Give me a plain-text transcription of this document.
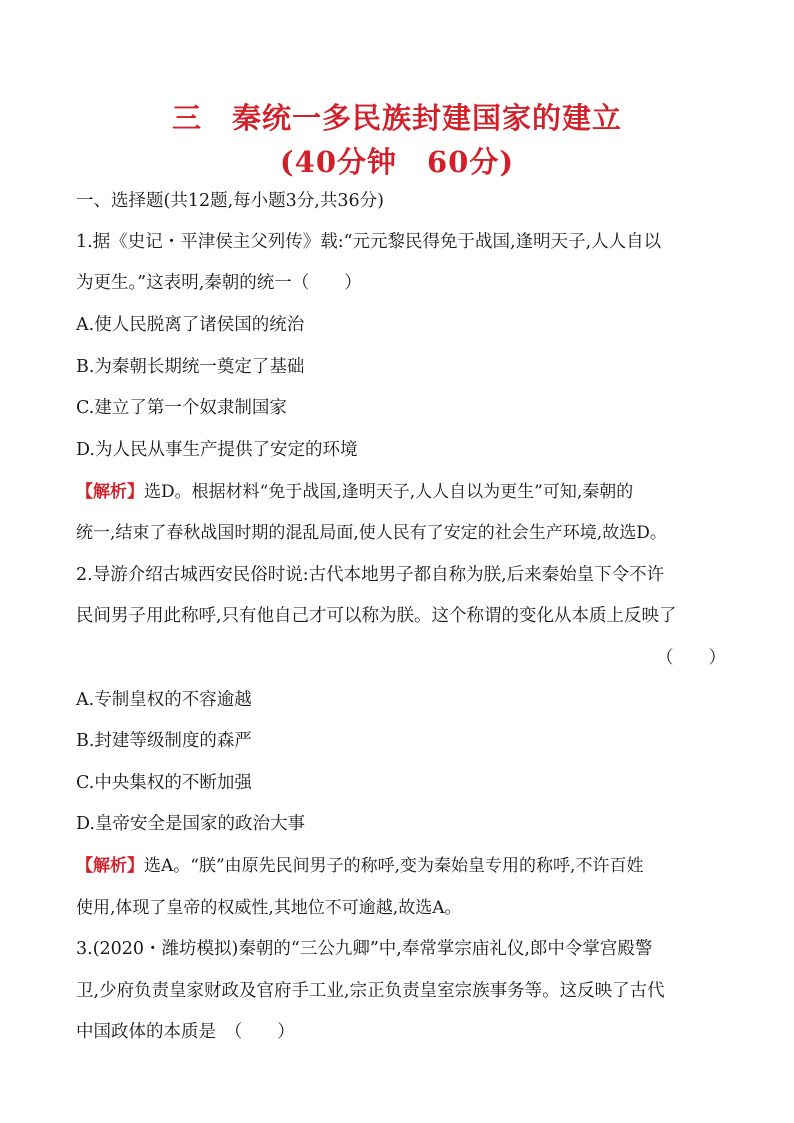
三　秦统一多民族封建国家的建立
(40分钟　60分)
一、选择题(共12题,每小题3分,共36分)
1.据《史记・平津侯主父列传》载:“元元黎民得免于战国,逢明天子,人人自以
为更生。”这表明,秦朝的统一（　　）
A.使人民脱离了诸侯国的统治
B.为秦朝长期统一奠定了基础
C.建立了第一个奴隶制国家
D.为人民从事生产提供了安定的环境
【解析】选D。根据材料“免于战国,逢明天子,人人自以为更生”可知,秦朝的
统一,结束了春秋战国时期的混乱局面,使人民有了安定的社会生产环境,故选D。
2.导游介绍古城西安民俗时说:古代本地男子都自称为朕,后来秦始皇下令不许
民间男子用此称呼,只有他自己才可以称为朕。这个称谓的变化从本质上反映了
（　　）
A.专制皇权的不容逾越
B.封建等级制度的森严
C.中央集权的不断加强
D.皇帝安全是国家的政治大事
【解析】选A。“朕”由原先民间男子的称呼,变为秦始皇专用的称呼,不许百姓
使用,体现了皇帝的权威性,其地位不可逾越,故选A。
3.(2020・潍坊模拟)秦朝的“三公九卿”中,奉常掌宗庙礼仪,郎中令掌宫殿警
卫,少府负责皇家财政及官府手工业,宗正负责皇室宗族事务等。这反映了古代
中国政体的本质是　（　　）
